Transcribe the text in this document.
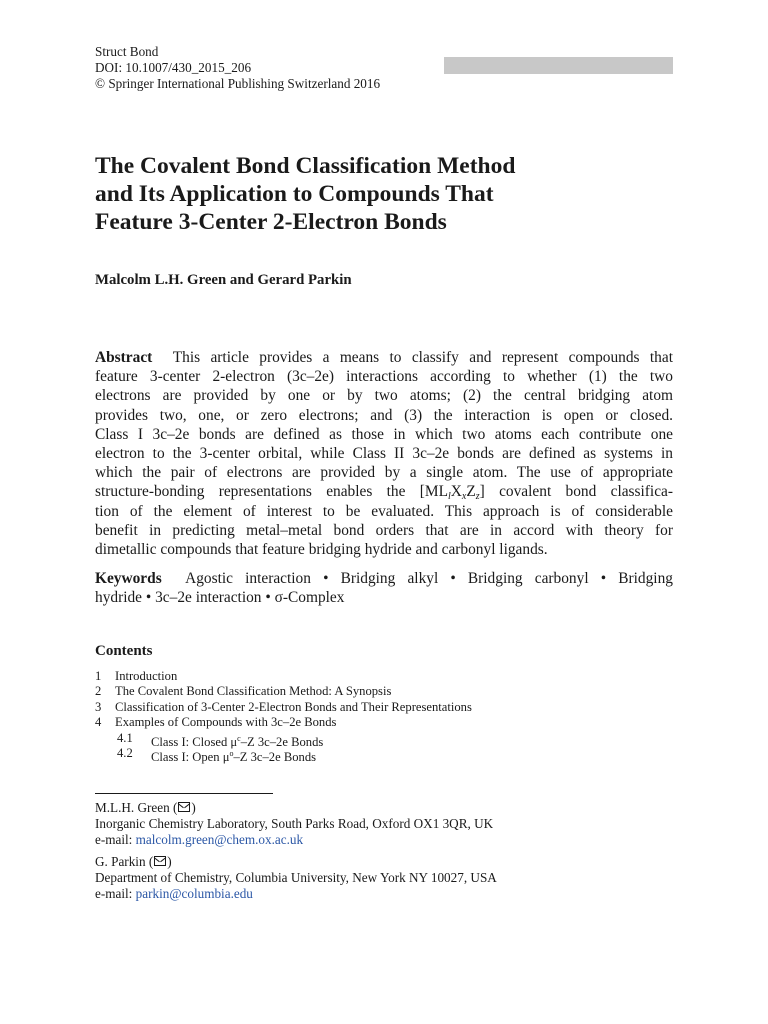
Struct Bond
DOI: 10.1007/430_2015_206
© Springer International Publishing Switzerland 2016
The Covalent Bond Classification Method
and Its Application to Compounds That
Feature 3-Center 2-Electron Bonds
Malcolm L.H. Green and Gerard Parkin
Abstract This article provides a means to classify and represent compounds that
feature 3-center 2-electron (3c–2e) interactions according to whether (1) the two
electrons are provided by one or by two atoms; (2) the central bridging atom
provides two, one, or zero electrons; and (3) the interaction is open or closed.
Class I 3c–2e bonds are defined as those in which two atoms each contribute one
electron to the 3-center orbital, while Class II 3c–2e bonds are defined as systems in
which the pair of electrons are provided by a single atom. The use of appropriate
structure-bonding representations enables the $[ML_lX_xZ_z]$ covalent bond classifica-
tion of the element of interest to be evaluated. This approach is of considerable
benefit in predicting metal–metal bond orders that are in accord with theory for
dimetallic compounds that feature bridging hydride and carbonyl ligands.
Keywords Agostic interaction • Bridging alkyl • Bridging carbonyl • Bridging
hydride • 3c–2e interaction • σ-Complex
Contents
1 Introduction
2 The Covalent Bond Classification Method: A Synopsis
3 Classification of 3-Center 2-Electron Bonds and Their Representations
4 Examples of Compounds with 3c–2e Bonds
4.1 Class I: Closed $\mu^c-Z$ 3c–2e Bonds
4.2 Class I: Open $\mu^o-Z$ 3c–2e Bonds
M.L.H. Green ( )
Inorganic Chemistry Laboratory, South Parks Road, Oxford OX1 3QR, UK
e-mail: malcolm.green@chem.ox.ac.uk
G. Parkin ( )
Department of Chemistry, Columbia University, New York NY 10027, USA
e-mail: parkin@columbia.edu
